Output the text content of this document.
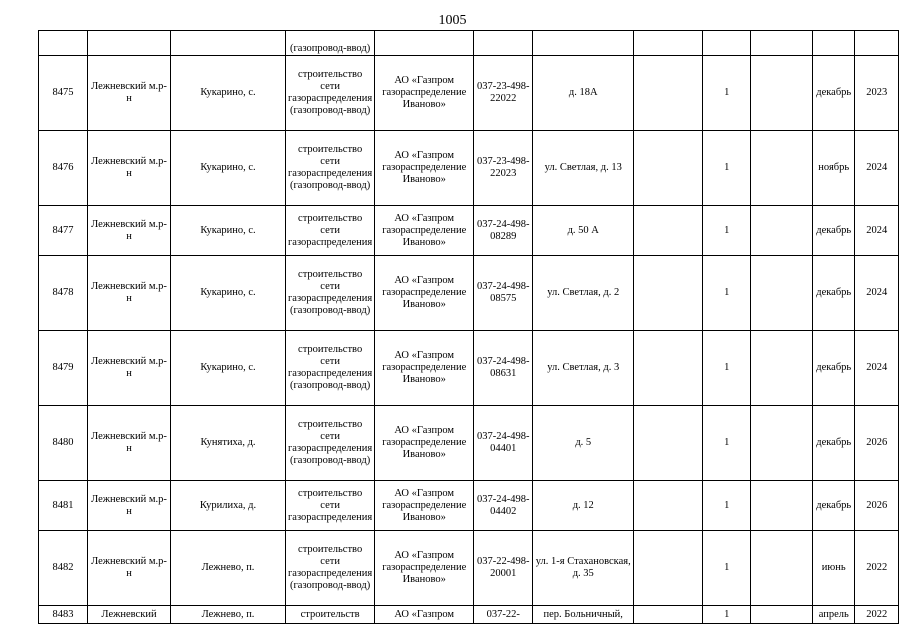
1005
			(газопровод-ввод)								
8475	Лежневский м.р-н	Кукарино, с.	строительство сети газораспределения (газопровод-ввод)	АО «Газпром газораспределение Иваново»	037-23-498-22022	д. 18А		1		декабрь	2023
8476	Лежневский м.р-н	Кукарино, с.	строительство сети газораспределения (газопровод-ввод)	АО «Газпром газораспределение Иваново»	037-23-498-22023	ул. Светлая, д. 13		1		ноябрь	2024
8477	Лежневский м.р-н	Кукарино, с.	строительство сети газораспределения	АО «Газпром газораспределение Иваново»	037-24-498-08289	д. 50 А		1		декабрь	2024
8478	Лежневский м.р-н	Кукарино, с.	строительство сети газораспределения (газопровод-ввод)	АО «Газпром газораспределение Иваново»	037-24-498-08575	ул. Светлая, д. 2		1		декабрь	2024
8479	Лежневский м.р-н	Кукарино, с.	строительство сети газораспределения (газопровод-ввод)	АО «Газпром газораспределение Иваново»	037-24-498-08631	ул. Светлая, д. 3		1		декабрь	2024
8480	Лежневский м.р-н	Кунятиха, д.	строительство сети газораспределения (газопровод-ввод)	АО «Газпром газораспределение Иваново»	037-24-498-04401	д. 5		1		декабрь	2026
8481	Лежневский м.р-н	Курилиха, д.	строительство сети газораспределения	АО «Газпром газораспределение Иваново»	037-24-498-04402	д. 12		1		декабрь	2026
8482	Лежневский м.р-н	Лежнево, п.	строительство сети газораспределения (газопровод-ввод)	АО «Газпром газораспределение Иваново»	037-22-498-20001	ул. 1-я Стахановская, д. 35		1		июнь	2022
8483	Лежневский	Лежнево, п.	строительств	АО «Газпром	037-22-	пер. Больничный,		1		апрель	2022
